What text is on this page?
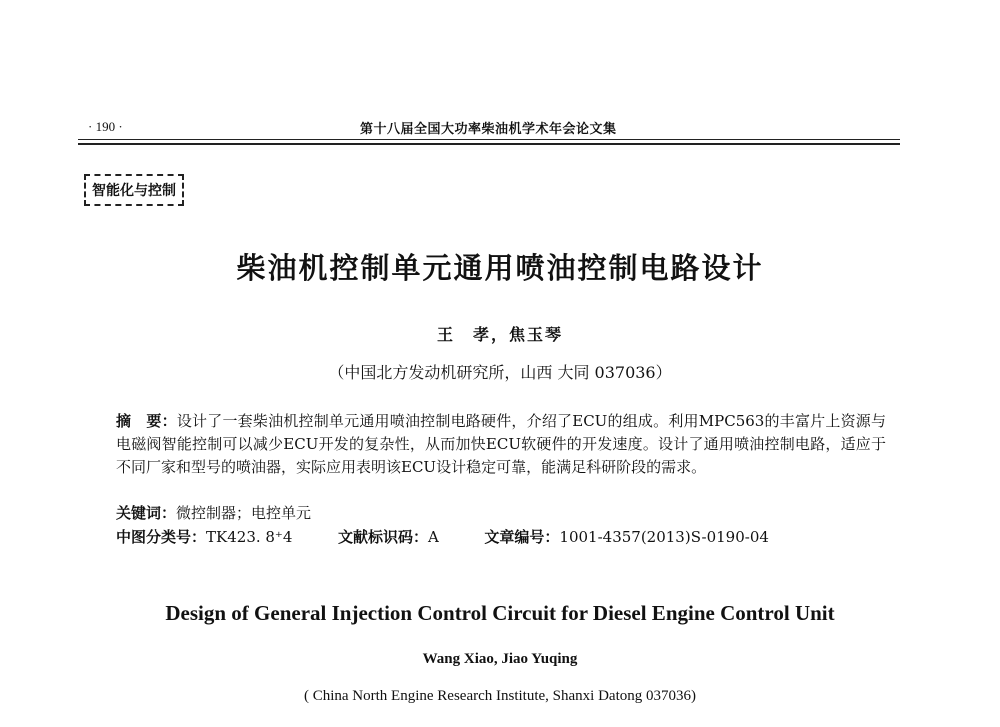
· 190 ·	第十八届全国大功率柴油机学术年会论文集
智能化与控制
柴油机控制单元通用喷油控制电路设计
王　孝，焦玉琴
（中国北方发动机研究所，山西 大同 037036）
摘　要：设计了一套柴油机控制单元通用喷油控制电路硬件，介绍了ECU的组成。利用MPC563的丰富片上资源与电磁阀智能控制可以减少ECU开发的复杂性，从而加快ECU软硬件的开发速度。设计了通用喷油控制电路，适应于不同厂家和型号的喷油器，实际应用表明该ECU设计稳定可靠，能满足科研阶段的需求。
关键词：微控制器；电控单元
中图分类号：TK423. 8⁺4	文献标识码：A	文章编号：1001-4357(2013)S-0190-04
Design of General Injection Control Circuit for Diesel Engine Control Unit
Wang Xiao, Jiao Yuqing
( China North Engine Research Institute, Shanxi Datong 037036)
